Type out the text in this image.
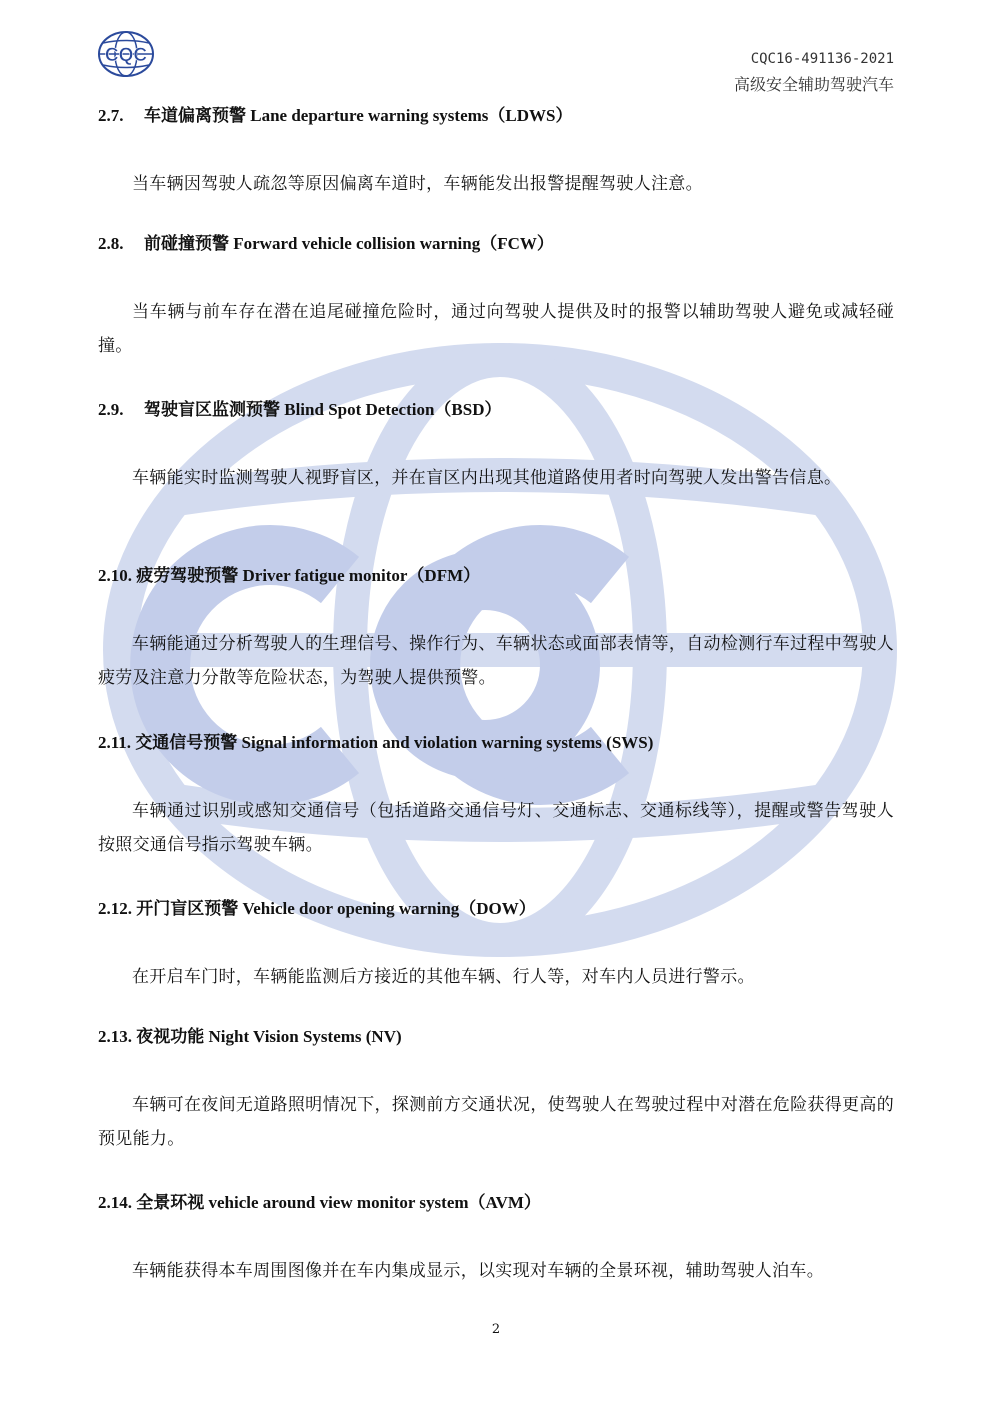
CQC	CQC16-491136-2021
高级安全辅助驾驶汽车
2.7. 车道偏离预警 Lane departure warning systems（LDWS）
当车辆因驾驶人疏忽等原因偏离车道时，车辆能发出报警提醒驾驶人注意。
2.8. 前碰撞预警 Forward vehicle collision warning（FCW）
当车辆与前车存在潜在追尾碰撞危险时，通过向驾驶人提供及时的报警以辅助驾驶人避免或减轻碰撞。
2.9. 驾驶盲区监测预警 Blind Spot Detection（BSD）
车辆能实时监测驾驶人视野盲区，并在盲区内出现其他道路使用者时向驾驶人发出警告信息。
2.10. 疲劳驾驶预警 Driver fatigue monitor（DFM）
车辆能通过分析驾驶人的生理信号、操作行为、车辆状态或面部表情等，自动检测行车过程中驾驶人疲劳及注意力分散等危险状态，为驾驶人提供预警。
2.11. 交通信号预警 Signal information and violation warning systems (SWS)
车辆通过识别或感知交通信号（包括道路交通信号灯、交通标志、交通标线等），提醒或警告驾驶人按照交通信号指示驾驶车辆。
2.12. 开门盲区预警 Vehicle door opening warning（DOW）
在开启车门时，车辆能监测后方接近的其他车辆、行人等，对车内人员进行警示。
2.13. 夜视功能 Night Vision Systems (NV)
车辆可在夜间无道路照明情况下，探测前方交通状况，使驾驶人在驾驶过程中对潜在危险获得更高的预见能力。
2.14. 全景环视 vehicle around view monitor system（AVM）
车辆能获得本车周围图像并在车内集成显示，以实现对车辆的全景环视，辅助驾驶人泊车。
2
